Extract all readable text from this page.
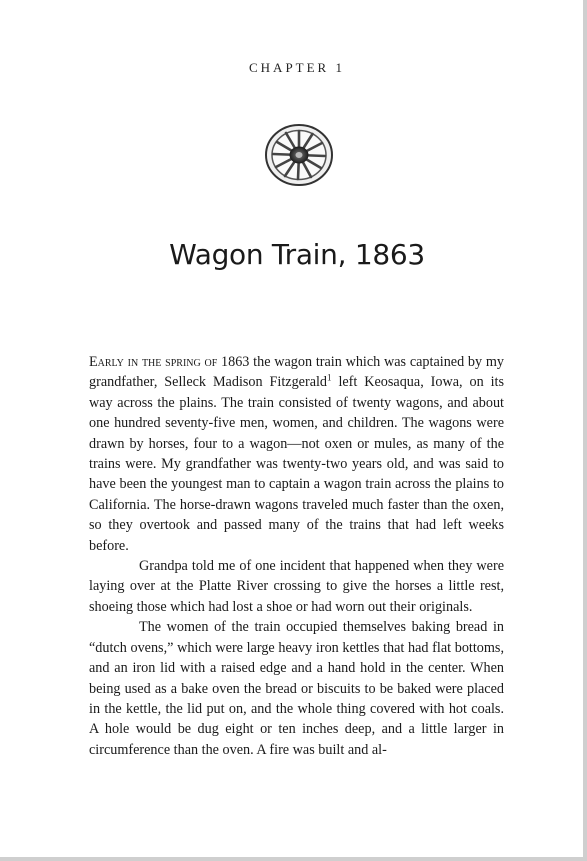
CHAPTER 1
Wagon Train, 1863

Early in the spring of 1863 the wagon train which was captained by my grandfather, Selleck Madison Fitzgerald$^1$ left Keosaqua, Iowa, on its way across the plains. The train consisted of twenty wagons, and about one hundred seventy-five men, women, and children. The wagons were drawn by horses, four to a wagon—not oxen or mules, as many of the trains were. My grandfather was twenty-two years old, and was said to have been the youngest man to captain a wagon train across the plains to California. The horse-drawn wagons traveled much faster than the oxen, so they overtook and passed many of the trains that had left weeks before.

Grandpa told me of one incident that happened when they were laying over at the Platte River crossing to give the horses a little rest, shoeing those which had lost a shoe or had worn out their originals.

The women of the train occupied themselves baking bread in “dutch ovens,” which were large heavy iron kettles that had flat bottoms, and an iron lid with a raised edge and a hand hold in the center. When being used as a bake oven the bread or biscuits to be baked were placed in the kettle, the lid put on, and the whole thing covered with hot coals. A hole would be dug eight or ten inches deep, and a little larger in circumference than the oven. A fire was built and al-
